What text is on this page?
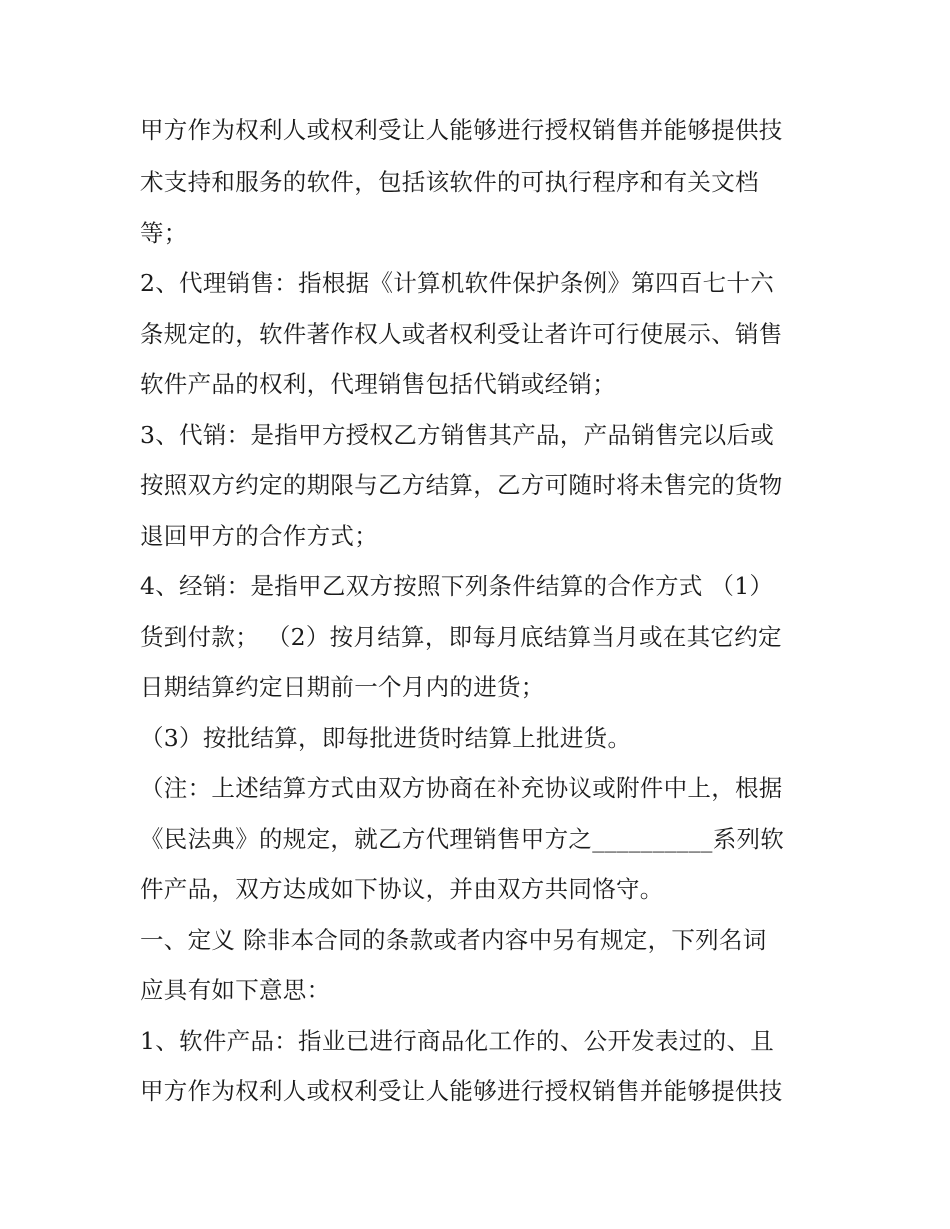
甲方作为权利人或权利受让人能够进行授权销售并能够提供技
术支持和服务的软件，包括该软件的可执行程序和有关文档
等；
2、代理销售：指根据《计算机软件保护条例》第四百七十六
条规定的，软件著作权人或者权利受让者许可行使展示、销售
软件产品的权利，代理销售包括代销或经销；
3、代销：是指甲方授权乙方销售其产品，产品销售完以后或
按照双方约定的期限与乙方结算，乙方可随时将未售完的货物
退回甲方的合作方式；
4、经销：是指甲乙双方按照下列条件结算的合作方式 （1）
货到付款； （2）按月结算，即每月底结算当月或在其它约定
日期结算约定日期前一个月内的进货；
（3）按批结算，即每批进货时结算上批进货。
（注：上述结算方式由双方协商在补充协议或附件中上，根据
《民法典》的规定，就乙方代理销售甲方之__________系列软
件产品，双方达成如下协议，并由双方共同恪守。
一、定义 除非本合同的条款或者内容中另有规定，下列名词
应具有如下意思：
1、软件产品：指业已进行商品化工作的、公开发表过的、且
甲方作为权利人或权利受让人能够进行授权销售并能够提供技
